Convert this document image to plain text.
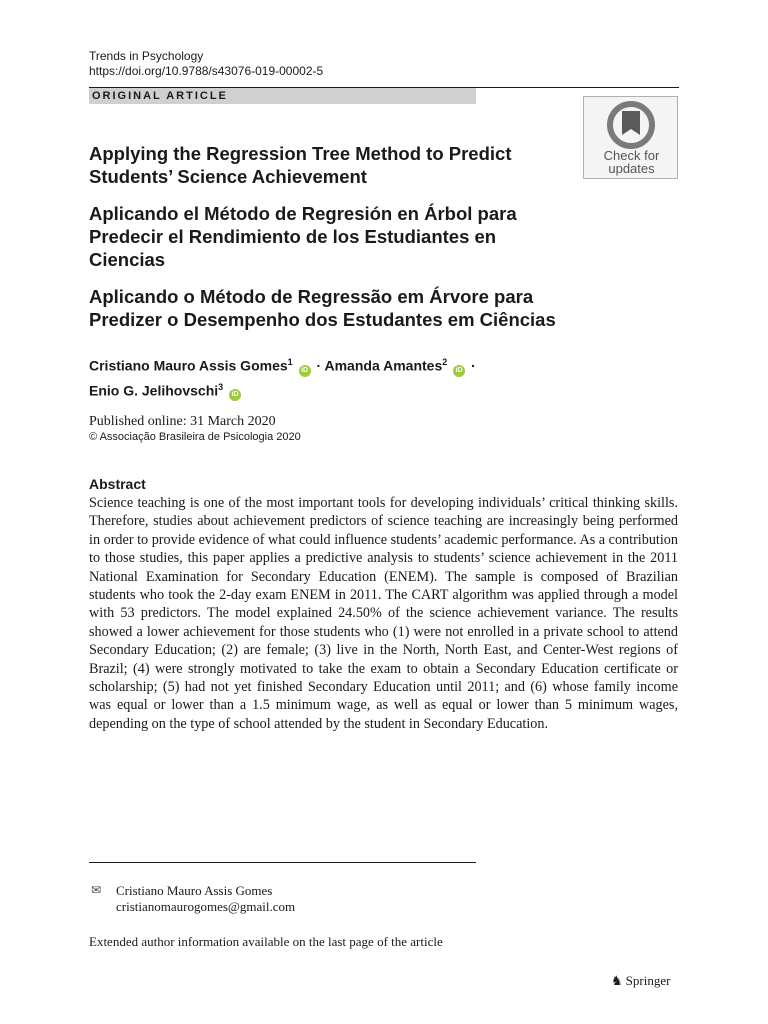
Trends in Psychology
https://doi.org/10.9788/s43076-019-00002-5
ORIGINAL ARTICLE
Check for
updates
Applying the Regression Tree Method to Predict
Students’ Science Achievement
Aplicando el Método de Regresión en Árbol para
Predecir el Rendimiento de los Estudiantes en
Ciencias
Aplicando o Método de Regressão em Árvore para
Predizer o Desempenho dos Estudantes em Ciências
Cristiano Mauro Assis Gomes$^1$ iD · Amanda Amantes$^2$ iD ·
Enio G. Jelihovschi$^3$ iD
Published online: 31 March 2020
© Associação Brasileira de Psicologia 2020
Abstract
Science teaching is one of the most important tools for developing individuals’ critical thinking skills. Therefore, studies about achievement predictors of science teaching are increasingly being performed in order to provide evidence of what could influence students’ academic performance. As a contribution to those studies, this paper applies a predictive analysis to students’ science achievement in the 2011 National Examination for Secondary Education (ENEM). The sample is composed of Brazilian students who took the 2-day exam ENEM in 2011. The CART algorithm was applied through a model with 53 predictors. The model explained 24.50% of the science achievement variance. The results showed a lower achievement for those students who (1) were not enrolled in a private school to attend Secondary Education; (2) are female; (3) live in the North, North East, and Center-West regions of Brazil; (4) were strongly motivated to take the exam to obtain a Secondary Education certificate or scholarship; (5) had not yet finished Secondary Education until 2011; and (6) whose family income was equal or lower than a 1.5 minimum wage, as well as equal or lower than 5 minimum wages, depending on the type of school attended by the student in Secondary Education.
✉ Cristiano Mauro Assis Gomes
cristianomaurogomes@gmail.com
Extended author information available on the last page of the article
♞ Springer
